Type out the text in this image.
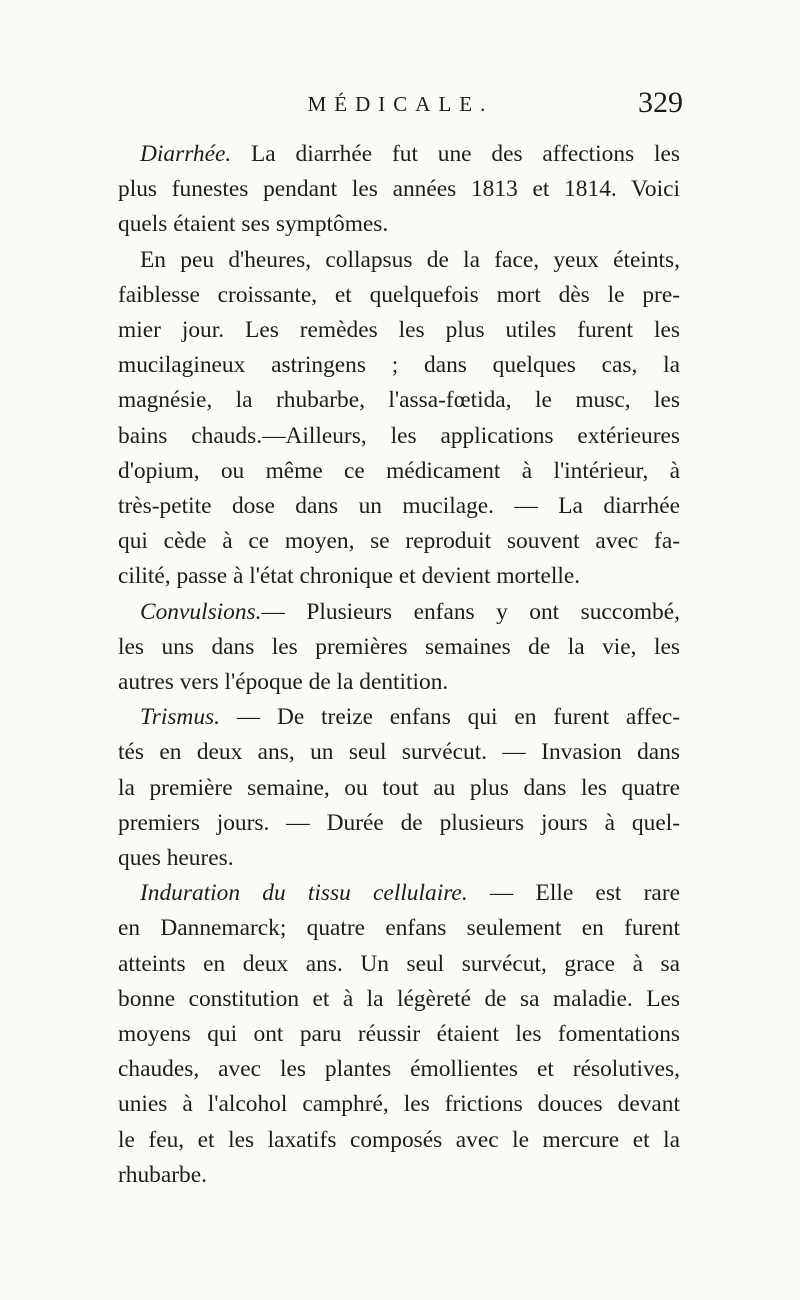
MÉDICALE.	329
Diarrhée. La diarrhée fut une des affections les
plus funestes pendant les années 1813 et 1814. Voici
quels étaient ses symptômes.
En peu d'heures, collapsus de la face, yeux éteints,
faiblesse croissante, et quelquefois mort dès le pre-
mier jour. Les remèdes les plus utiles furent les
mucilagineux astringens ; dans quelques cas, la
magnésie, la rhubarbe, l'assa-fœtida, le musc, les
bains chauds.—Ailleurs, les applications extérieures
d'opium, ou même ce médicament à l'intérieur, à
très-petite dose dans un mucilage. — La diarrhée
qui cède à ce moyen, se reproduit souvent avec fa-
cilité, passe à l'état chronique et devient mortelle.
Convulsions.— Plusieurs enfans y ont succombé,
les uns dans les premières semaines de la vie, les
autres vers l'époque de la dentition.
Trismus. — De treize enfans qui en furent affec-
tés en deux ans, un seul survécut. — Invasion dans
la première semaine, ou tout au plus dans les quatre
premiers jours. — Durée de plusieurs jours à quel-
ques heures.
Induration du tissu cellulaire. — Elle est rare
en Dannemarck; quatre enfans seulement en furent
atteints en deux ans. Un seul survécut, grace à sa
bonne constitution et à la légèreté de sa maladie. Les
moyens qui ont paru réussir étaient les fomentations
chaudes, avec les plantes émollientes et résolutives,
unies à l'alcohol camphré, les frictions douces devant
le feu, et les laxatifs composés avec le mercure et la
rhubarbe.
